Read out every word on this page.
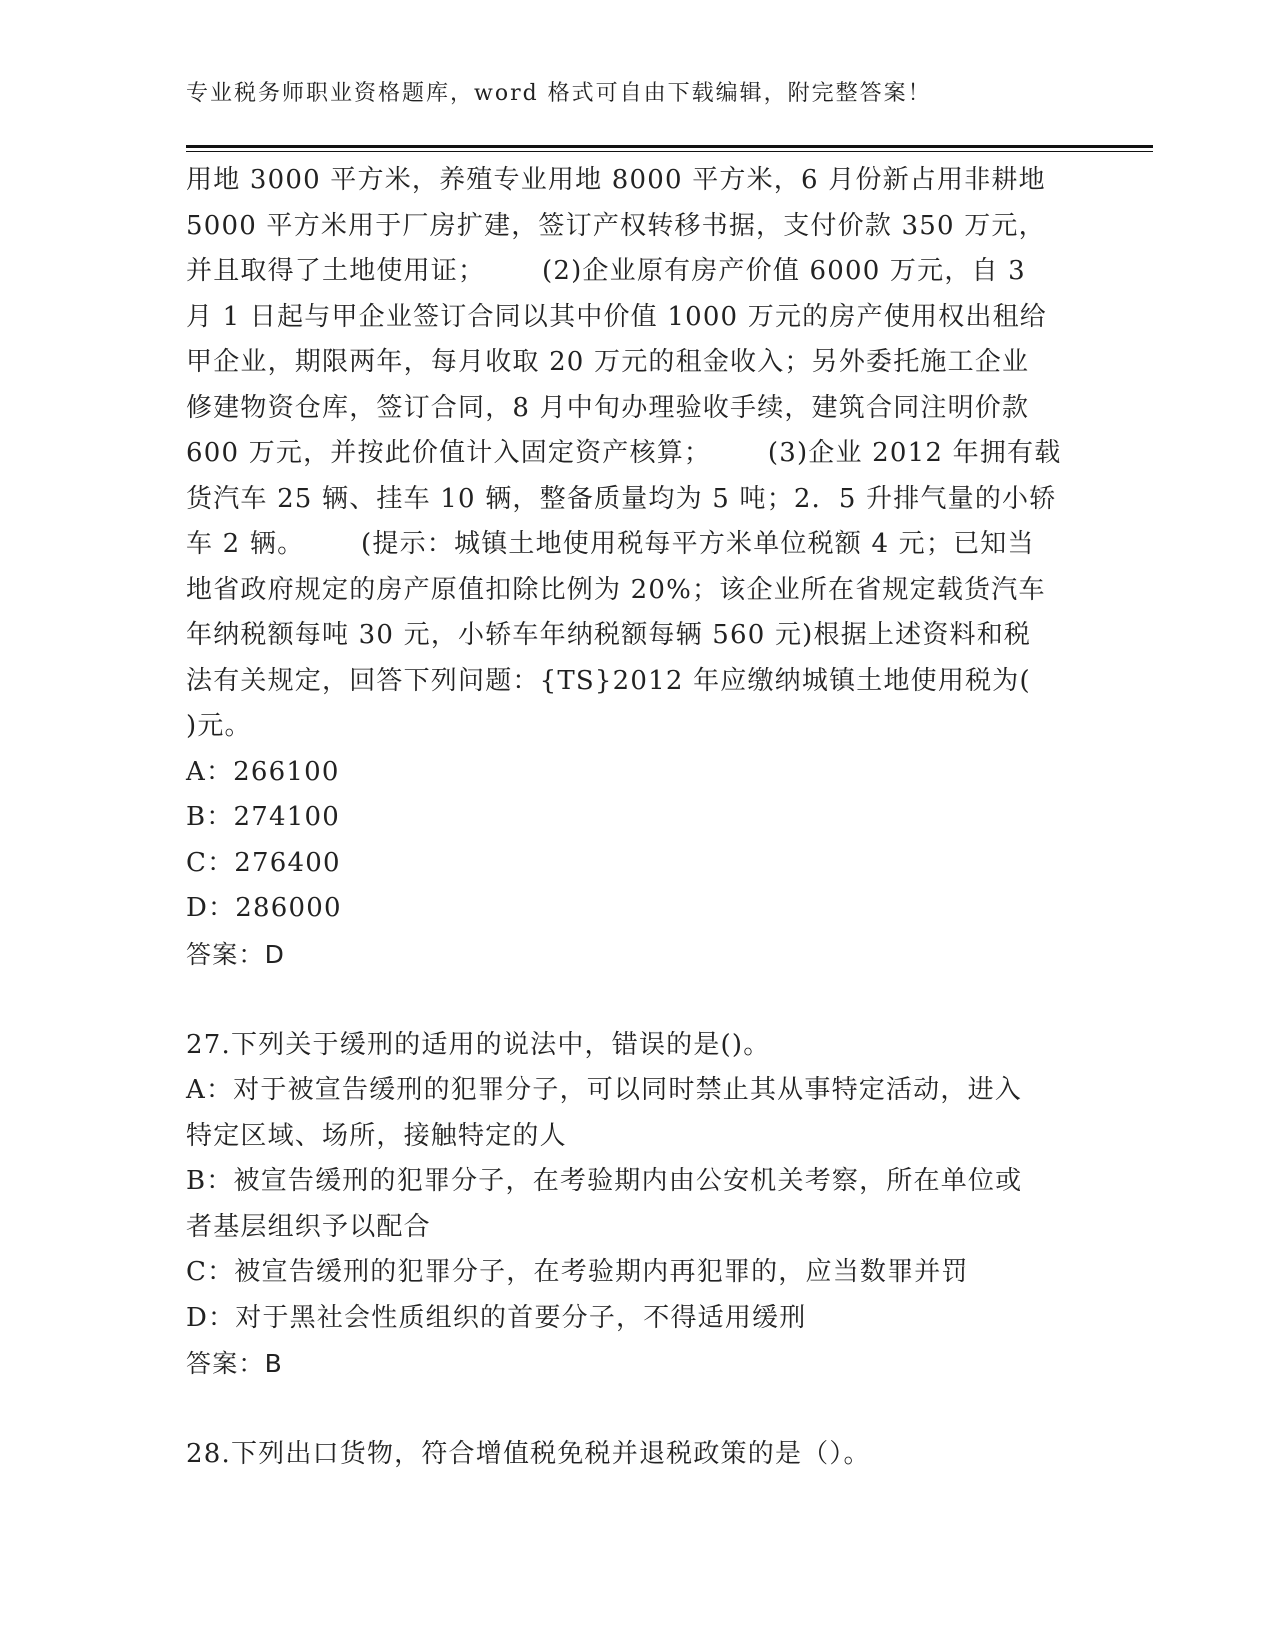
专业税务师职业资格题库，word 格式可自由下载编辑，附完整答案！
用地 3000 平方米，养殖专业用地 8000 平方米，6 月份新占用非耕地
5000 平方米用于厂房扩建，签订产权转移书据，支付价款 350 万元，
并且取得了土地使用证；      (2)企业原有房产价值 6000 万元，自 3
月 1 日起与甲企业签订合同以其中价值 1000 万元的房产使用权出租给
甲企业，期限两年，每月收取 20 万元的租金收入；另外委托施工企业
修建物资仓库，签订合同，8 月中旬办理验收手续，建筑合同注明价款
600 万元，并按此价值计入固定资产核算；      (3)企业 2012 年拥有载
货汽车 25 辆、挂车 10 辆，整备质量均为 5 吨；2．5 升排气量的小轿
车 2 辆。      (提示：城镇土地使用税每平方米单位税额 4 元；已知当
地省政府规定的房产原值扣除比例为 20%；该企业所在省规定载货汽车
年纳税额每吨 30 元，小轿车年纳税额每辆 560 元)根据上述资料和税
法有关规定，回答下列问题：{TS}2012 年应缴纳城镇土地使用税为(
)元。
A：266100
B：274100
C：276400
D：286000
答案：D
27.下列关于缓刑的适用的说法中，错误的是()。
A：对于被宣告缓刑的犯罪分子，可以同时禁止其从事特定活动，进入
特定区域、场所，接触特定的人
B：被宣告缓刑的犯罪分子，在考验期内由公安机关考察，所在单位或
者基层组织予以配合
C：被宣告缓刑的犯罪分子，在考验期内再犯罪的，应当数罪并罚
D：对于黑社会性质组织的首要分子，不得适用缓刑
答案：B
28.下列出口货物，符合增值税免税并退税政策的是（）。
